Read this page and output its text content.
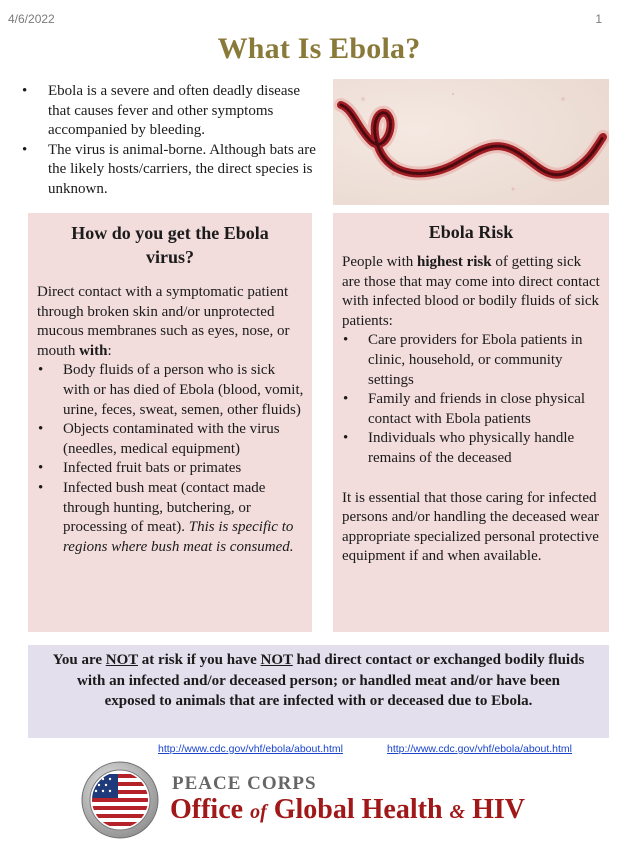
4/6/2022	1
What Is Ebola?
• Ebola is a severe and often deadly disease that causes fever and other symptoms accompanied by bleeding.
• The virus is animal-borne. Although bats are the likely hosts/carriers, the direct species is unknown.
How do you get the Ebola virus?

Direct contact with a symptomatic patient through broken skin and/or unprotected mucous membranes such as eyes, nose, or mouth with:

• Body fluids of a person who is sick with or has died of Ebola (blood, vomit, urine, feces, sweat, semen, other fluids)
• Objects contaminated with the virus (needles, medical equipment)
• Infected fruit bats or primates
• Infected bush meat (contact made through hunting, butchering, or processing of meat). This is specific to regions where bush meat is consumed.
Ebola Risk

People with highest risk of getting sick are those that may come into direct contact with infected blood or bodily fluids of sick patients:

• Care providers for Ebola patients in clinic, household, or community settings
• Family and friends in close physical contact with Ebola patients
• Individuals who physically handle remains of the deceased

It is essential that those caring for infected persons and/or handling the deceased wear appropriate specialized personal protective equipment if and when available.

You are NOT at risk if you have NOT had direct contact or exchanged bodily fluids with an infected and/or deceased person; or handled meat and/or have been exposed to animals that are infected with or deceased due to Ebola.
http://www.cdc.gov/vhf/ebola/about.html	http://www.cdc.gov/vhf/ebola/about.html
PEACE CORPS
Office of Global Health & HIV
